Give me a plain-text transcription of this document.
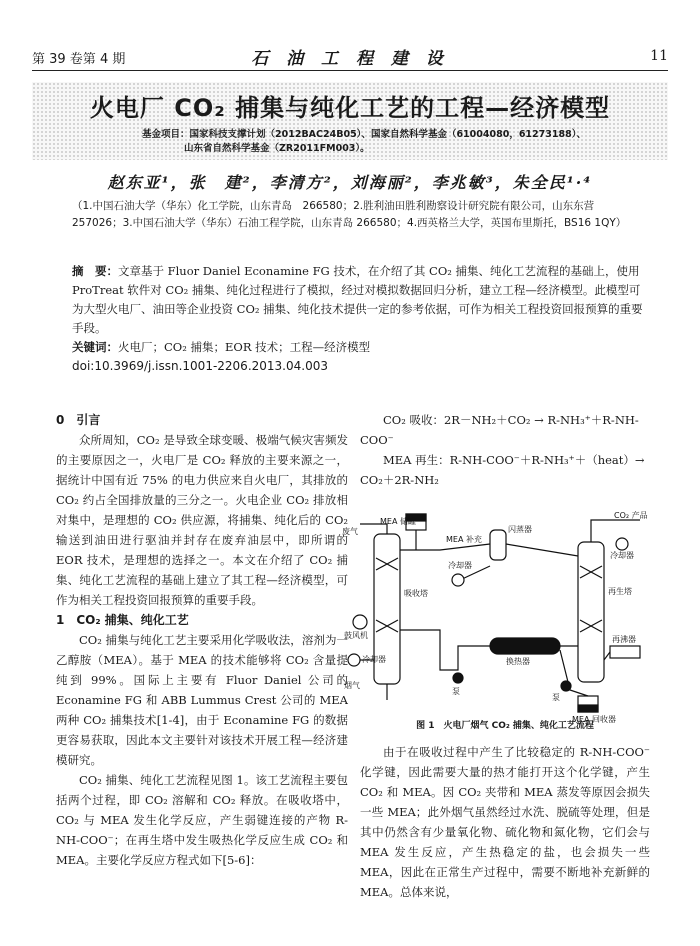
第 39 卷第 4 期	石 油 工 程 建 设	11
火电厂 CO₂ 捕集与纯化工艺的工程—经济模型
基金项目：国家科技支撑计划（2012BAC24B05）、国家自然科学基金（61004080，61273188）、
山东省自然科学基金（ZR2011FM003）。
赵东亚¹，张　建²，李清方²，刘海丽²，李兆敏³，朱全民¹·⁴
（1.中国石油大学（华东）化工学院，山东青岛　266580；2.胜利油田胜利勘察设计研究院有限公司，山东东营
257026；3.中国石油大学（华东）石油工程学院，山东青岛 266580；4.西英格兰大学，英国布里斯托，BS16 1QY）
摘　要：文章基于 Fluor Daniel Econamine FG 技术，在介绍了其 CO₂ 捕集、纯化工艺流程的基础上，使用 ProTreat 软件对 CO₂ 捕集、纯化过程进行了模拟，经过对模拟数据回归分析，建立工程—经济模型。此模型可为大型火电厂、油田等企业投资 CO₂ 捕集、纯化技术提供一定的参考依据，可作为相关工程投资回报预算的重要手段。
关键词：火电厂；CO₂ 捕集；EOR 技术；工程—经济模型
doi:10.3969/j.issn.1001-2206.2013.04.003
0　引言

众所周知，CO₂ 是导致全球变暖、极端气候灾害频发的主要原因之一，火电厂是 CO₂ 释放的主要来源之一，据统计中国有近 75% 的电力供应来自火电厂，其排放的 CO₂ 约占全国排放量的三分之一。火电企业 CO₂ 排放相对集中，是理想的 CO₂ 供应源，将捕集、纯化后的 CO₂ 输送到油田进行驱油并封存在废弃油层中，即所谓的 EOR 技术，是理想的选择之一。本文在介绍了 CO₂ 捕集、纯化工艺流程的基础上建立了其工程—经济模型，可作为相关工程投资回报预算的重要手段。

1　CO₂ 捕集、纯化工艺

CO₂ 捕集与纯化工艺主要采用化学吸收法，溶剂为一乙醇胺（MEA）。基于 MEA 的技术能够将 CO₂ 含量提纯到 99%。国际上主要有 Fluor Daniel 公司的 Econamine FG 和 ABB Lummus Crest 公司的 MEA 两种 CO₂ 捕集技术[1-4]，由于 Econamine FG 的数据更容易获取，因此本文主要针对该技术开展工程—经济建模研究。

CO₂ 捕集、纯化工艺流程见图 1。该工艺流程主要包括两个过程，即 CO₂ 溶解和 CO₂ 释放。在吸收塔中，CO₂ 与 MEA 发生化学反应，产生弱键连接的产物 R-NH-COO⁻；在再生塔中发生吸热化学反应生成 CO₂ 和 MEA。主要化学反应方程式如下[5-6]：

CO₂ 吸收：2R－NH₂＋CO₂ → R-NH₃⁺＋R-NH-COO⁻
MEA 再生：R-NH-COO⁻＋R-NH₃⁺＋（heat）→ CO₂＋2R-NH₂
MEA 储罐
废气
MEA 补充
闪蒸器
CO₂ 产品
冷却器
冷却器
吸收塔	再生塔
鼓风机
冷却器	换热器
再沸器
烟气
泵
泵
MEA 回收器
图 1　火电厂烟气 CO₂ 捕集、纯化工艺流程

由于在吸收过程中产生了比较稳定的 R-NH-COO⁻ 化学键，因此需要大量的热才能打开这个化学键，产生 CO₂ 和 MEA。因 CO₂ 夹带和 MEA 蒸发等原因会损失一些 MEA；此外烟气虽然经过水洗、脱硫等处理，但是其中仍然含有少量氧化物、硫化物和氮化物，它们会与 MEA 发生反应，产生热稳定的盐，也会损失一些 MEA，因此在正常生产过程中，需要不断地补充新鲜的 MEA。总体来说，
